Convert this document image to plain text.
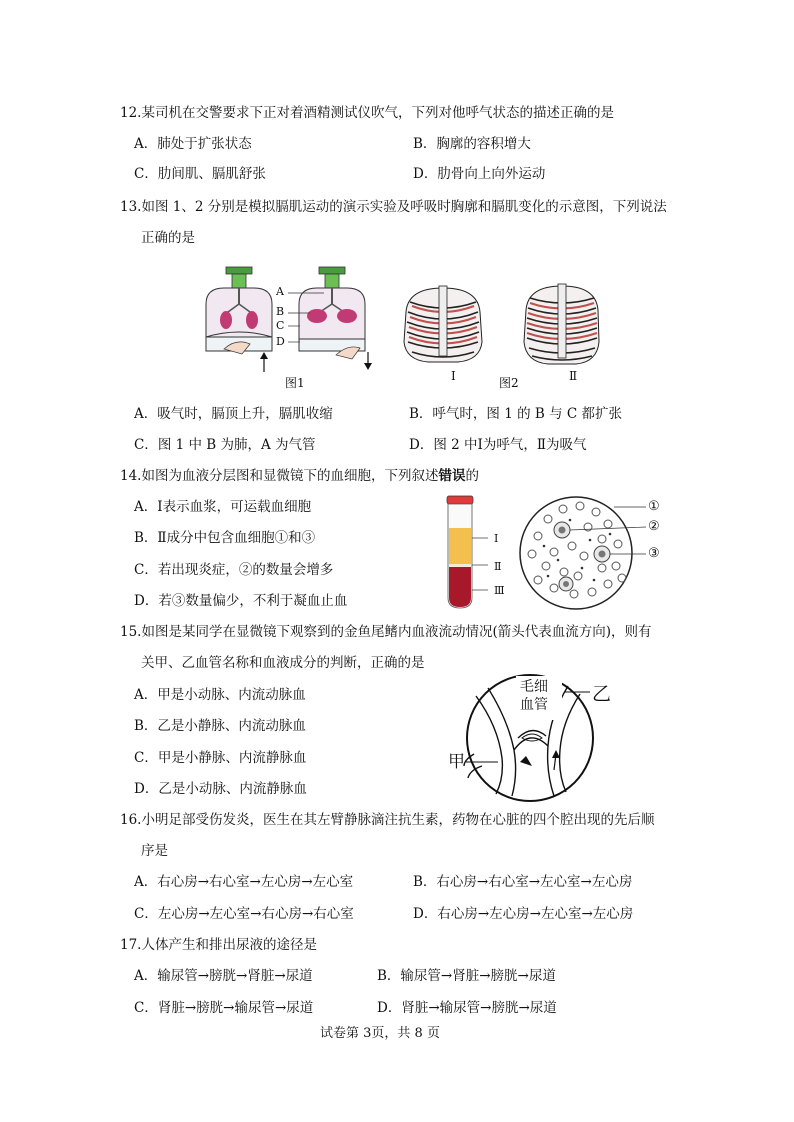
12.某司机在交警要求下正对着酒精测试仪吹气，下列对他呼气状态的描述正确的是
A．肺处于扩张状态	B．胸廓的容积增大
C．肋间肌、膈肌舒张	D．肋骨向上向外运动
13.如图 1、2 分别是模拟膈肌运动的演示实验及呼吸时胸廓和膈肌变化的示意图，下列说法
正确的是
A
B
C
D
图1	Ⅰ	图2	Ⅱ
A．吸气时，膈顶上升，膈肌收缩	B．呼气时，图 1 的 B 与 C 都扩张
C．图 1 中 B 为肺，A 为气管	D．图 2 中Ⅰ为呼气，Ⅱ为吸气
14.如图为血液分层图和显微镜下的血细胞，下列叙述错误的
A．Ⅰ表示血浆，可运载血细胞
B．Ⅱ成分中包含血细胞①和③
C．若出现炎症，②的数量会增多
D．若③数量偏少，不利于凝血止血
Ⅰ
Ⅱ
Ⅲ
①
②
③
15.如图是某同学在显微镜下观察到的金鱼尾鳍内血液流动情况(箭头代表血流方向)，则有
关甲、乙血管名称和血液成分的判断，正确的是
A．甲是小动脉、内流动脉血
B．乙是小静脉、内流动脉血
C．甲是小静脉、内流静脉血
D．乙是小动脉、内流静脉血
毛细
血管 乙
甲
16.小明足部受伤发炎，医生在其左臂静脉滴注抗生素，药物在心脏的四个腔出现的先后顺
序是
A．右心房→右心室→左心房→左心室	B．右心房→右心室→左心室→左心房
C．左心房→左心室→右心房→右心室	D．右心房→左心房→左心室→左心房
17.人体产生和排出尿液的途径是
A．输尿管→膀胱→肾脏→尿道	B．输尿管→肾脏→膀胱→尿道
C．肾脏→膀胱→输尿管→尿道	D．肾脏→输尿管→膀胱→尿道
试卷第 3页，共 8 页
